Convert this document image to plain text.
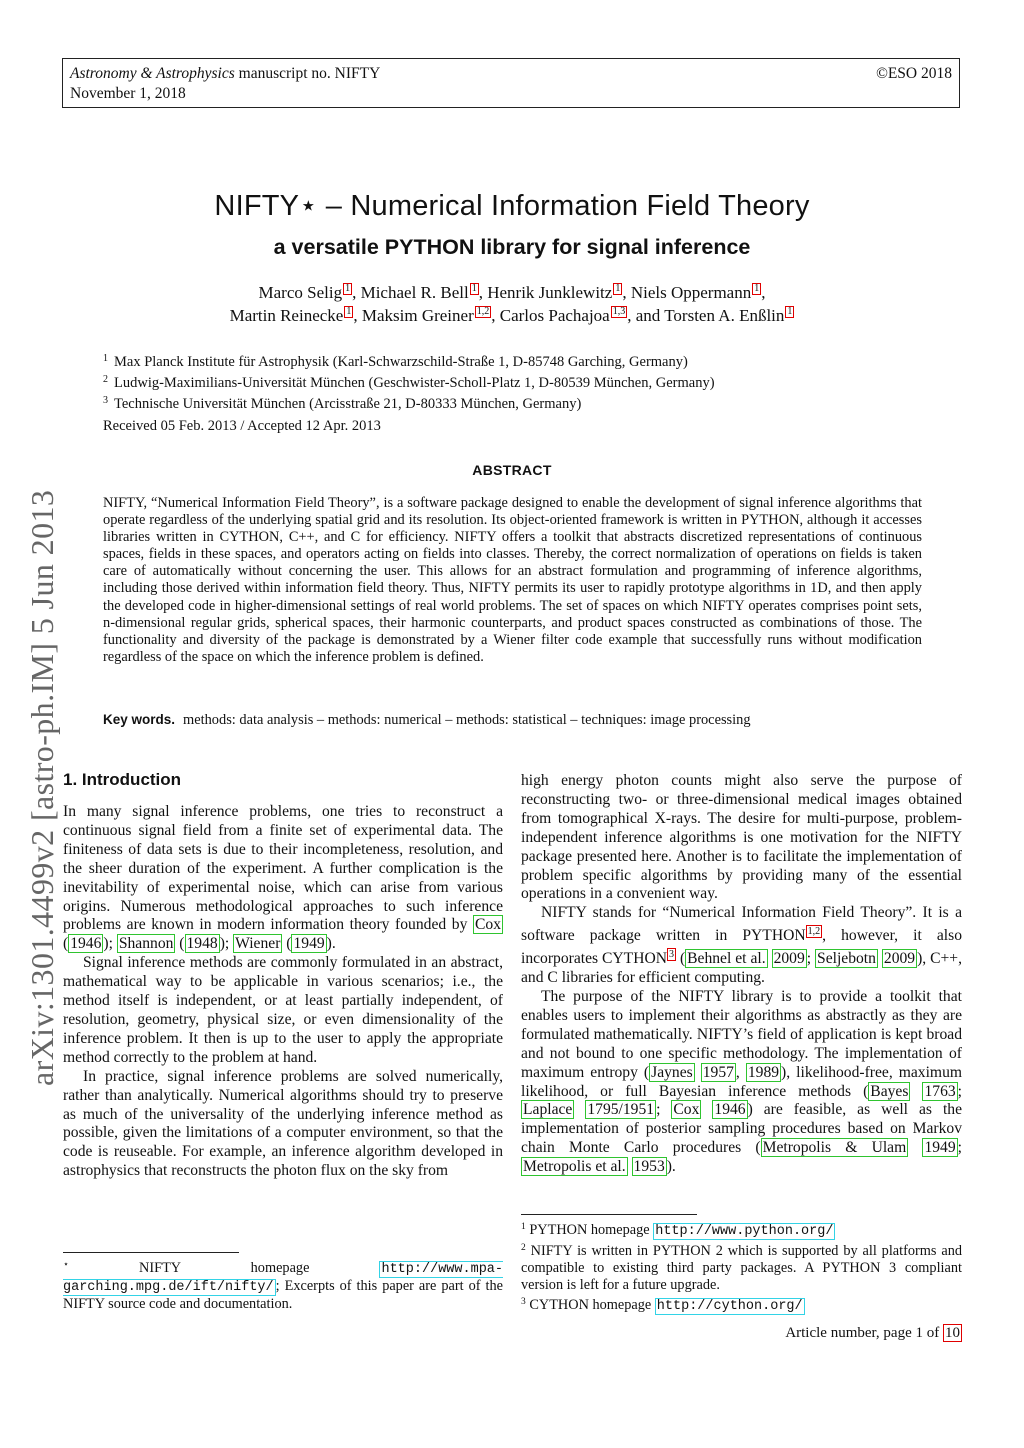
Astronomy & Astrophysics manuscript no. NIFTY	©ESO 2018
November 1, 2018
NIFTY⋆ – Numerical Information Field Theory
a versatile PYTHON library for signal inference
Marco Selig 1 , Michael R. Bell 1 , Henrik Junklewitz 1 , Niels Oppermann 1 ,
Martin Reinecke 1 , Maksim Greiner 1,2 , Carlos Pachajoa 1,3 , and Torsten A. Enßlin 1
$^1$ Max Planck Institute für Astrophysik (Karl-Schwarzschild-Straße 1, D-85748 Garching, Germany)
$^2$ Ludwig-Maximilians-Universität München (Geschwister-Scholl-Platz 1, D-80539 München, Germany)
$^3$ Technische Universität München (Arcisstraße 21, D-80333 München, Germany)
Received 05 Feb. 2013 / Accepted 12 Apr. 2013
ABSTRACT
NIFTY, “Numerical Information Field Theory”, is a software package designed to enable the development of signal inference algorithms that operate regardless of the underlying spatial grid and its resolution. Its object-oriented framework is written in PYTHON, although it accesses libraries written in CYTHON, C++, and C for efficiency. NIFTY offers a toolkit that abstracts discretized representations of continuous spaces, fields in these spaces, and operators acting on fields into classes. Thereby, the correct normalization of operations on fields is taken care of automatically without concerning the user. This allows for an abstract formulation and programming of inference algorithms, including those derived within information field theory. Thus, NIFTY permits its user to rapidly prototype algorithms in 1D, and then apply the developed code in higher-dimensional settings of real world problems. The set of spaces on which NIFTY operates comprises point sets, n-dimensional regular grids, spherical spaces, their harmonic counterparts, and product spaces constructed as combinations of those. The functionality and diversity of the package is demonstrated by a Wiener filter code example that successfully runs without modification regardless of the space on which the inference problem is defined.
Key words. methods: data analysis – methods: numerical – methods: statistical – techniques: image processing
arXiv:1301.4499v2 [astro-ph.IM] 5 Jun 2013 1. Introduction

In many signal inference problems, one tries to reconstruct a continuous signal field from a finite set of experimental data. The finiteness of data sets is due to their incompleteness, resolution, and the sheer duration of the experiment. A further complication is the inevitability of experimental noise, which can arise from various origins. Numerous methodological approaches to such inference problems are known in modern information theory founded by Cox ( 1946 ); Shannon ( 1948 ); Wiener ( 1949 ).

Signal inference methods are commonly formulated in an abstract, mathematical way to be applicable in various scenarios; i.e., the method itself is independent, or at least partially independent, of resolution, geometry, physical size, or even dimensionality of the inference problem. It then is up to the user to apply the appropriate method correctly to the problem at hand.

In practice, signal inference problems are solved numerically, rather than analytically. Numerical algorithms should try to preserve as much of the universality of the underlying inference method as possible, given the limitations of a computer environment, so that the code is reuseable. For example, an inference algorithm developed in astrophysics that reconstructs the photon flux on the sky from

⋆	NIFTY homepage http://www.mpa-garching.mpg.de/ift/nifty/ ; Excerpts of this paper are part of the NIFTY source code and documentation.

high energy photon counts might also serve the purpose of reconstructing two- or three-dimensional medical images obtained from tomographical X-rays. The desire for multi-purpose, problem-independent inference algorithms is one motivation for the NIFTY package presented here. Another is to facilitate the implementation of problem specific algorithms by providing many of the essential operations in a convenient way.

NIFTY stands for “Numerical Information Field Theory”. It is a software package written in PYTHON $^{1,2}$ , however, it also incorporates CYTHON $^3$ ( Behnel et al. 2009 ; Seljebotn 2009 ), C++, and C libraries for efficient computing.

The purpose of the NIFTY library is to provide a toolkit that enables users to implement their algorithms as abstractly as they are formulated mathematically. NIFTY’s field of application is kept broad and not bound to one specific methodology. The implementation of maximum entropy ( Jaynes 1957 , 1989 ), likelihood-free, maximum likelihood, or full Bayesian inference methods ( Bayes 1763 ; Laplace 1795/1951 ; Cox 1946 ) are feasible, as well as the implementation of posterior sampling procedures based on Markov chain Monte Carlo procedures ( Metropolis & Ulam 1949 ; Metropolis et al. 1953 ).

$^1$ PYTHON homepage http://www.python.org/
$^2$ NIFTY is written in PYTHON 2 which is supported by all platforms and compatible to existing third party packages. A PYTHON 3 compliant version is left for a future upgrade.
$^3$ CYTHON homepage http://cython.org/
Article number, page 1 of 10
